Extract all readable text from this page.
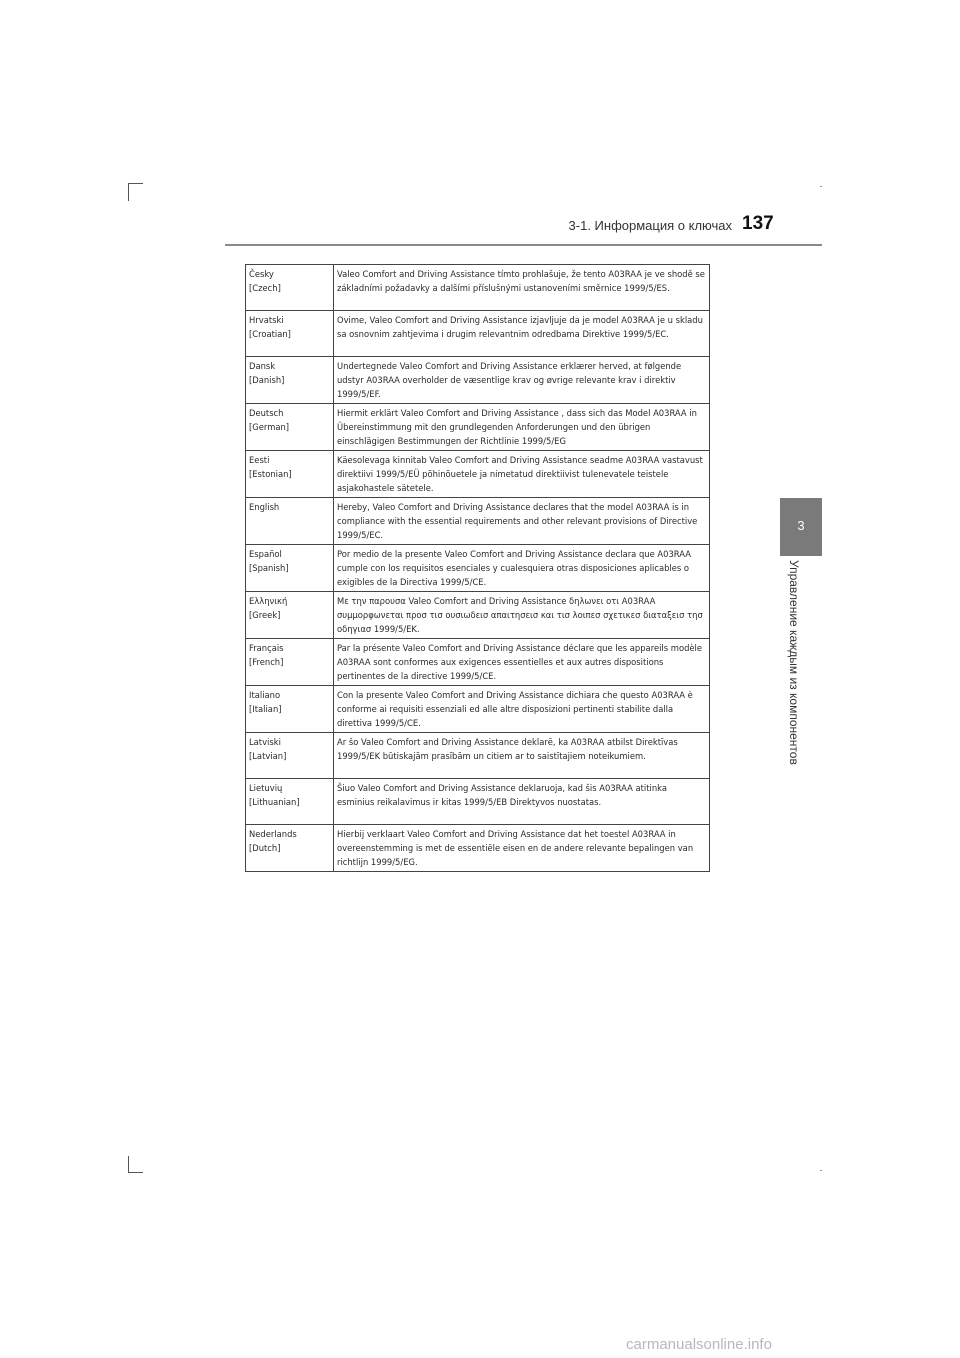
3-1. Информация о ключах 137
3
Управление каждым из компонентов
Česky
[Czech]	Valeo Comfort and Driving Assistance tímto prohlašuje, že tento A03RAA je ve shodě se základními požadavky a dalšími příslušnými ustanoveními směrnice 1999/5/ES.

Hrvatski
[Croatian]	Ovime, Valeo Comfort and Driving Assistance izjavljuje da je model A03RAA je u skladu sa osnovnim zahtjevima i drugim relevantnim odredbama Direktive 1999/5/EC.

Dansk
[Danish]	Undertegnede Valeo Comfort and Driving Assistance erklærer herved, at følgende udstyr A03RAA overholder de væsentlige krav og øvrige relevante krav i direktiv 1999/5/EF.

Deutsch
[German]	Hiermit erklärt Valeo Comfort and Driving Assistance , dass sich das Model A03RAA in Übereinstimmung mit den grundlegenden Anforderungen und den übrigen einschlägigen Bestimmungen der Richtlinie 1999/5/EG

Eesti
[Estonian]	Käesolevaga kinnitab Valeo Comfort and Driving Assistance seadme A03RAA vastavust direktiivi 1999/5/EÜ põhinõuetele ja nimetatud direktiivist tulenevatele teistele asjakohastele sätetele.

English	Hereby, Valeo Comfort and Driving Assistance declares that the model A03RAA is in compliance with the essential requirements and other relevant provisions of Directive 1999/5/EC.

Español
[Spanish]	Por medio de la presente Valeo Comfort and Driving Assistance declara que A03RAA cumple con los requisitos esenciales y cualesquiera otras disposiciones aplicables o exigibles de la Directiva 1999/5/CE.

Ελληνική
[Greek]	Με την παρουσα Valeo Comfort and Driving Assistance δηλωνει οτι A03RAA συμμορφωνεται προσ τισ ουσιωδεισ απαιτησεισ και τισ λοιπεσ σχετικεσ διαταξεισ τησ οδηγιασ 1999/5/ΕΚ.

Français
[French]	Par la présente Valeo Comfort and Driving Assistance déclare que les appareils modèle A03RAA sont conformes aux exigences essentielles et aux autres dispositions pertinentes de la directive 1999/5/CE.

Italiano
[Italian]	Con la presente Valeo Comfort and Driving Assistance dichiara che questo A03RAA è conforme ai requisiti essenziali ed alle altre disposizioni pertinenti stabilite dalla direttiva 1999/5/CE.

Latviski
[Latvian]	Ar šo Valeo Comfort and Driving Assistance deklarē, ka A03RAA atbilst Direktīvas 1999/5/EK būtiskajām prasībām un citiem ar to saistītajiem noteikumiem.

Lietuvių
[Lithuanian]	Šiuo Valeo Comfort and Driving Assistance deklaruoja, kad šis A03RAA atitinka esminius reikalavimus ir kitas 1999/5/EB Direktyvos nuostatas.

Nederlands
[Dutch]	Hierbij verklaart Valeo Comfort and Driving Assistance dat het toestel A03RAA in overeenstemming is met de essentiële eisen en de andere relevante bepalingen van richtlijn 1999/5/EG.
carmanualsonline.info
